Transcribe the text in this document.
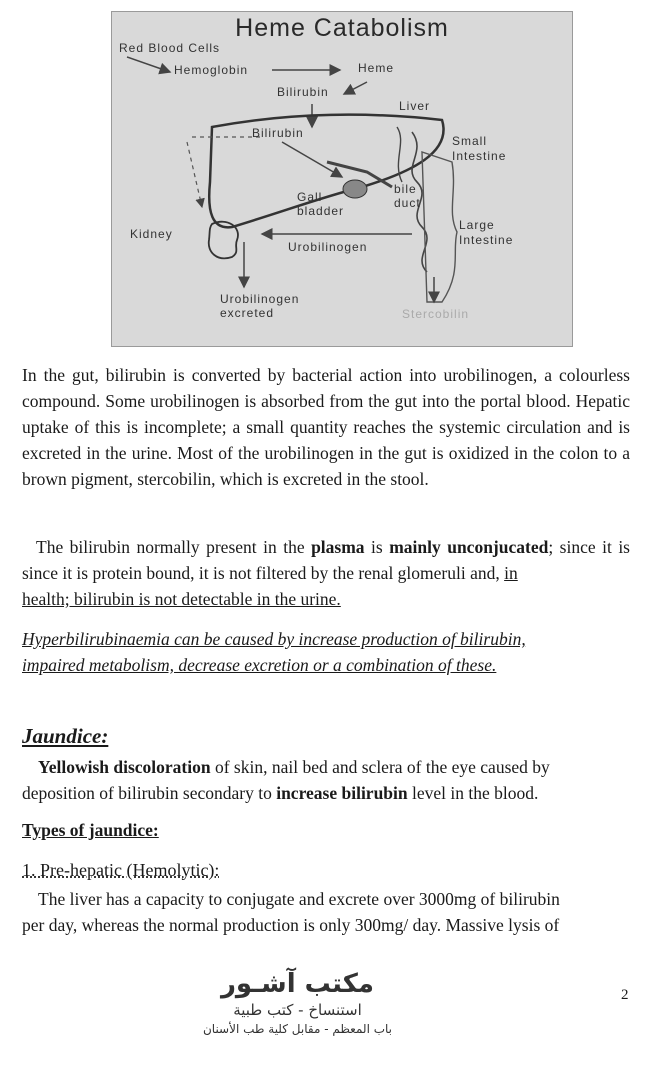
Heme Catabolism
Red Blood Cells
Hemoglobin	Heme
Bilirubin
Liver
Bilirubin
Small
Intestine
Gall
bladder
bile
duct
Kidney
Urobilinogen
Large
Intestine
Urobilinogen
excreted	Stercobilin
In the gut, bilirubin is converted by bacterial action into urobilinogen, a colourless compound. Some urobilinogen is absorbed from the gut into the portal blood. Hepatic uptake of this is incomplete; a small quantity reaches the systemic circulation and is excreted in the urine. Most of the urobilinogen in the gut is oxidized in the colon to a brown pigment, stercobilin, which is excreted in the stool.
The bilirubin normally present in the plasma is mainly unconjucated; since it is
since it is protein bound, it is not filtered by the renal glomeruli and, in
health; bilirubin is not detectable in the urine.
Hyperbilirubinaemia can be caused by increase production of bilirubin,
impaired metabolism, decrease excretion or a combination of these.
Jaundice:
Yellowish discoloration of skin, nail bed and sclera of the eye caused by
deposition of bilirubin secondary to increase bilirubin level in the blood.
Types of jaundice:
1. Pre-hepatic (Hemolytic):
The liver has a capacity to conjugate and excrete over 3000mg of bilirubin
per day, whereas the normal production is only 300mg/ day. Massive lysis of
مكتب آشـور
استنساخ - كتب طبية
باب المعظم - مقابل كلية طب الأسنان
2
